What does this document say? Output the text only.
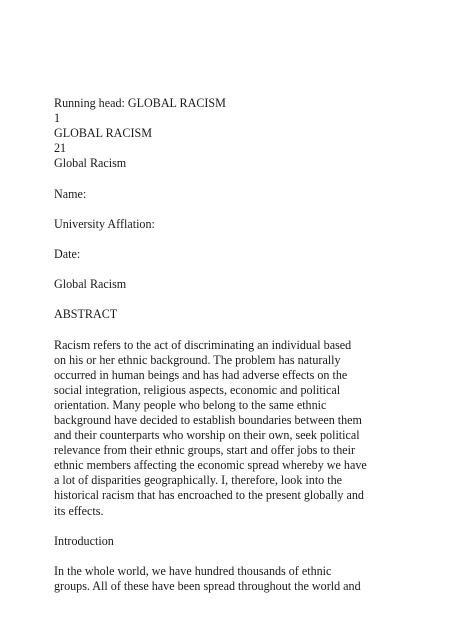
Running head: GLOBAL RACISM
1
GLOBAL RACISM
21
Global Racism
Name:
University Afflation:
Date:
Global Racism
ABSTRACT
Racism refers to the act of discriminating an individual based
on his or her ethnic background. The problem has naturally
occurred in human beings and has had adverse effects on the
social integration, religious aspects, economic and political
orientation. Many people who belong to the same ethnic
background have decided to establish boundaries between them
and their counterparts who worship on their own, seek political
relevance from their ethnic groups, start and offer jobs to their
ethnic members affecting the economic spread whereby we have
a lot of disparities geographically. I, therefore, look into the
historical racism that has encroached to the present globally and
its effects.
Introduction
In the whole world, we have hundred thousands of ethnic
groups. All of these have been spread throughout the world and
